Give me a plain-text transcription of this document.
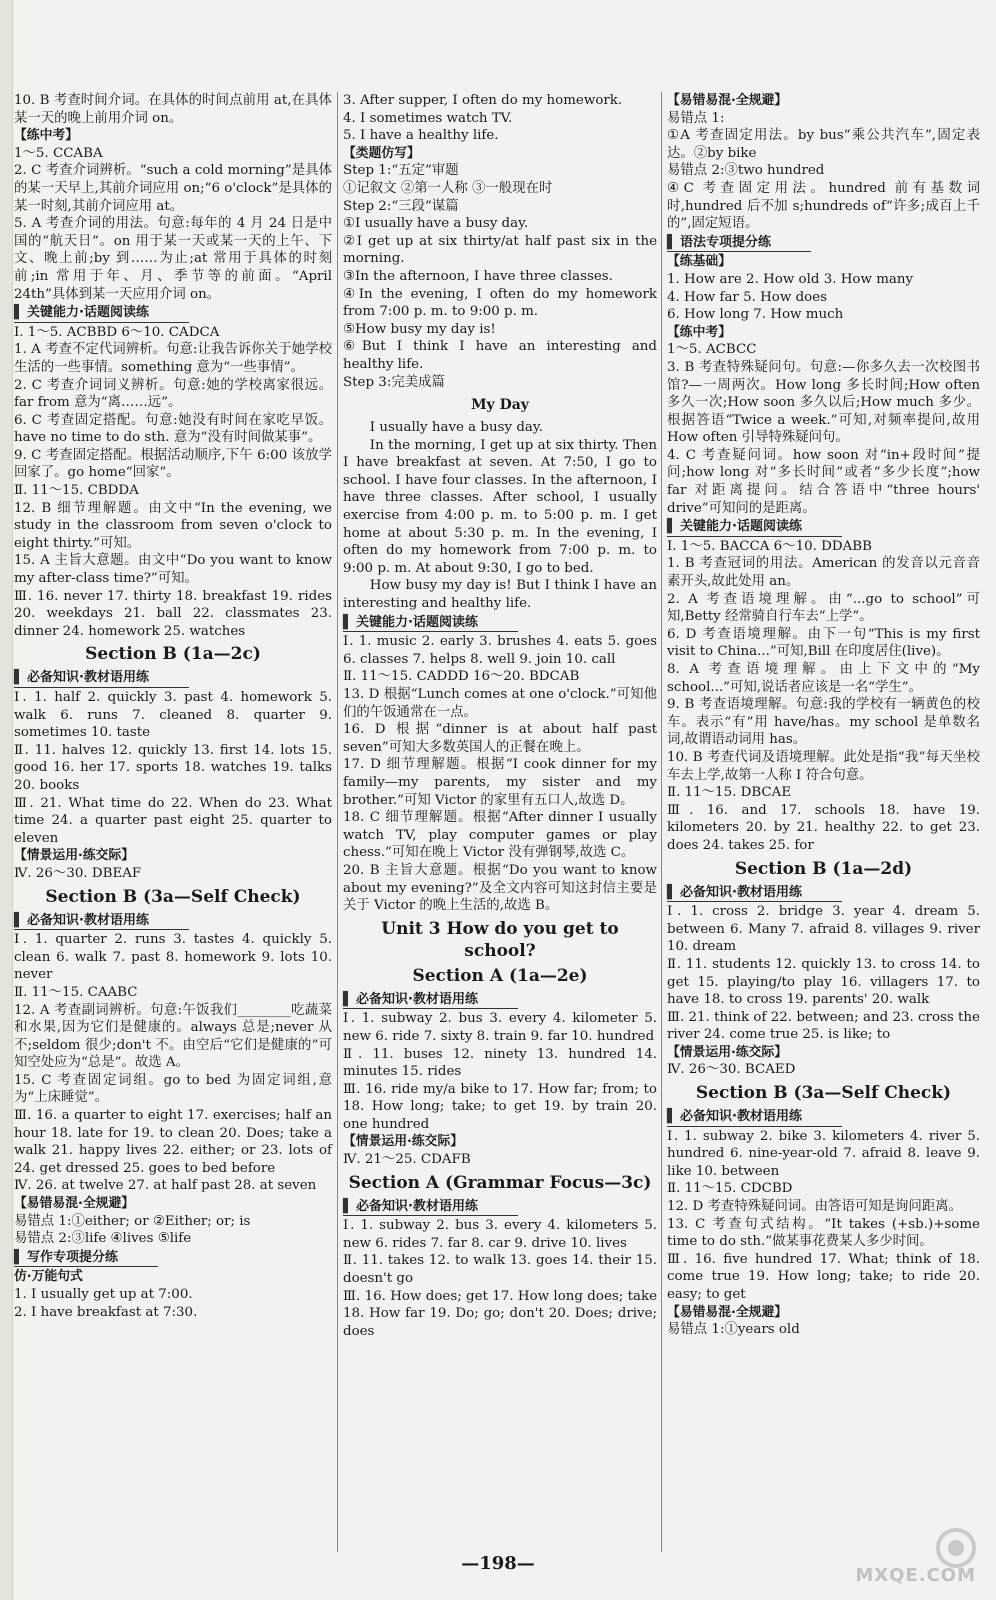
10. B 考查时间介词。在具体的时间点前用 at,在具体某一天的晚上前用介词 on。

【练中考】

1～5. CCABA

2. C 考查介词辨析。“such a cold morning”是具体的某一天早上,其前介词应用 on;“6 o'clock”是具体的某一时刻,其前介词应用 at。

5. A 考查介词的用法。句意:每年的 4 月 24 日是中国的“航天日”。on 用于某一天或某一天的上午、下文、晚上前;by 到……为止;at 常用于具体的时刻前;in 常用于年、月、季节等的前面。“April 24th”具体到某一天应用介词 on。

▌ 关键能力·话题阅读练

Ⅰ. 1～5. ACBBD 6～10. CADCA

1. A 考查不定代词辨析。句意:让我告诉你关于她学校生活的一些事情。something 意为“一些事情”。

2. C 考查介词词义辨析。句意:她的学校离家很远。far from 意为“离……远”。

6. C 考查固定搭配。句意:她没有时间在家吃早饭。have no time to do sth. 意为“没有时间做某事”。

9. C 考查固定搭配。根据活动顺序,下午 6:00 该放学回家了。go home“回家”。

Ⅱ. 11～15. CBDDA

12. B 细节理解题。由文中“In the evening, we study in the classroom from seven o'clock to eight thirty.”可知。

15. A 主旨大意题。由文中“Do you want to know my after-class time?”可知。

Ⅲ. 16. never 17. thirty 18. breakfast 19. rides 20. weekdays 21. ball 22. classmates 23. dinner 24. homework 25. watches

Section B (1a—2c)
▌ 必备知识·教材语用练

Ⅰ. 1. half 2. quickly 3. past 4. homework 5. walk 6. runs 7. cleaned 8. quarter 9. sometimes 10. taste

Ⅱ. 11. halves 12. quickly 13. first 14. lots 15. good 16. her 17. sports 18. watches 19. talks 20. books

Ⅲ. 21. What time do 22. When do 23. What time 24. a quarter past eight 25. quarter to eleven

【情景运用·练交际】

Ⅳ. 26～30. DBEAF

Section B (3a—Self Check)
▌ 必备知识·教材语用练

Ⅰ. 1. quarter 2. runs 3. tastes 4. quickly 5. clean 6. walk 7. past 8. homework 9. lots 10. never

Ⅱ. 11～15. CAABC

12. A 考查副词辨析。句意:午饭我们________吃蔬菜和水果,因为它们是健康的。always 总是;never 从不;seldom 很少;don't 不。由空后“它们是健康的”可知空处应为“总是”。故选 A。

15. C 考查固定词组。go to bed 为固定词组,意为“上床睡觉”。

Ⅲ. 16. a quarter to eight 17. exercises; half an hour 18. late for 19. to clean 20. Does; take a walk 21. happy lives 22. either; or 23. lots of 24. get dressed 25. goes to bed before

Ⅳ. 26. at twelve 27. at half past 28. at seven

【易错易混·全规避】

易错点 1:①either; or ②Either; or; is

易错点 2:③life ④lives ⑤life

▌ 写作专项提分练
仿·万能句式

1. I usually get up at 7:00.

2. I have breakfast at 7:30.

3. After supper, I often do my homework.

4. I sometimes watch TV.

5. I have a healthy life.

【类题仿写】

Step 1:“五定”审题

①记叙文 ②第一人称 ③一般现在时

Step 2:“三段”谋篇

①I usually have a busy day.

②I get up at six thirty/at half past six in the morning.

③In the afternoon, I have three classes.

④In the evening, I often do my homework from 7:00 p. m. to 9:00 p. m.

⑤How busy my day is!

⑥But I think I have an interesting and healthy life.

Step 3:完美成篇

My Day

I usually have a busy day.

In the morning, I get up at six thirty. Then I have breakfast at seven. At 7:50, I go to school. I have four classes. In the afternoon, I have three classes. After school, I usually exercise from 4:00 p. m. to 5:00 p. m. I get home at about 5:30 p. m. In the evening, I often do my homework from 7:00 p. m. to 9:00 p. m. At about 9:30, I go to bed.

How busy my day is! But I think I have an interesting and healthy life.

▌ 关键能力·话题阅读练

Ⅰ. 1. music 2. early 3. brushes 4. eats 5. goes 6. classes 7. helps 8. well 9. join 10. call

Ⅱ. 11～15. CADDD 16～20. BDCAB

13. D 根据“Lunch comes at one o'clock.”可知他们的午饭通常在一点。

16. D 根据“dinner is at about half past seven”可知大多数英国人的正餐在晚上。

17. D 细节理解题。根据“I cook dinner for my family—my parents, my sister and my brother.”可知 Victor 的家里有五口人,故选 D。

18. C 细节理解题。根据“After dinner I usually watch TV, play computer games or play chess.”可知在晚上 Victor 没有弹钢琴,故选 C。

20. B 主旨大意题。根据“Do you want to know about my evening?”及全文内容可知这封信主要是关于 Victor 的晚上生活的,故选 B。

Unit 3 How do you get to school?
Section A (1a—2e)
▌ 必备知识·教材语用练

Ⅰ. 1. subway 2. bus 3. every 4. kilometer 5. new 6. ride 7. sixty 8. train 9. far 10. hundred

Ⅱ. 11. buses 12. ninety 13. hundred 14. minutes 15. rides

Ⅲ. 16. ride my/a bike to 17. How far; from; to 18. How long; take; to get 19. by train 20. one hundred

【情景运用·练交际】

Ⅳ. 21～25. CDAFB

Section A (Grammar Focus—3c)
▌ 必备知识·教材语用练

Ⅰ. 1. subway 2. bus 3. every 4. kilometers 5. new 6. rides 7. far 8. car 9. drive 10. lives

Ⅱ. 11. takes 12. to walk 13. goes 14. their 15. doesn't go

Ⅲ. 16. How does; get 17. How long does; take 18. How far 19. Do; go; don't 20. Does; drive; does

【易错易混·全规避】

易错点 1:

①A 考查固定用法。by bus“乘公共汽车”,固定表达。②by bike

易错点 2:③two hundred

④C 考查固定用法。hundred 前有基数词时,hundred 后不加 s;hundreds of“许多;成百上千的”,固定短语。

▌ 语法专项提分练
【练基础】

1. How are 2. How old 3. How many

4. How far 5. How does

6. How long 7. How much

【练中考】

1～5. ACBCC

3. B 考查特殊疑问句。句意:—你多久去一次校图书馆?—一周两次。How long 多长时间;How often 多久一次;How soon 多久以后;How much 多少。根据答语“Twice a week.”可知,对频率提问,故用 How often 引导特殊疑问句。

4. C 考查疑问词。how soon 对“in+段时间”提问;how long 对“多长时间”或者“多少长度”;how far 对距离提问。结合答语中“three hours' drive”可知问的是距离。

▌ 关键能力·话题阅读练

Ⅰ. 1～5. BACCA 6～10. DDABB

1. B 考查冠词的用法。American 的发音以元音音素开头,故此处用 an。

2. A 考查语境理解。由“...go to school”可知,Betty 经常骑自行车去“上学”。

6. D 考查语境理解。由下一句“This is my first visit to China...”可知,Bill 在印度居住(live)。

8. A 考查语境理解。由上下文中的“My school...”可知,说话者应该是一名“学生”。

9. B 考查语境理解。句意:我的学校有一辆黄色的校车。表示“有”用 have/has。my school 是单数名词,故谓语动词用 has。

10. B 考查代词及语境理解。此处是指“我”每天坐校车去上学,故第一人称 I 符合句意。

Ⅱ. 11～15. DBCAE

Ⅲ. 16. and 17. schools 18. have 19. kilometers 20. by 21. healthy 22. to get 23. does 24. takes 25. for

Section B (1a—2d)
▌ 必备知识·教材语用练

Ⅰ. 1. cross 2. bridge 3. year 4. dream 5. between 6. Many 7. afraid 8. villages 9. river 10. dream

Ⅱ. 11. students 12. quickly 13. to cross 14. to get 15. playing/to play 16. villagers 17. to have 18. to cross 19. parents' 20. walk

Ⅲ. 21. think of 22. between; and 23. cross the river 24. come true 25. is like; to

【情景运用·练交际】

Ⅳ. 26～30. BCAED

Section B (3a—Self Check)
▌ 必备知识·教材语用练

Ⅰ. 1. subway 2. bike 3. kilometers 4. river 5. hundred 6. nine-year-old 7. afraid 8. leave 9. like 10. between

Ⅱ. 11～15. CDCBD

12. D 考查特殊疑问词。由答语可知是询问距离。

13. C 考查句式结构。“It takes (+sb.)+some time to do sth.”做某事花费某人多少时间。

Ⅲ. 16. five hundred 17. What; think of 18. come true 19. How long; take; to ride 20. easy; to get

【易错易混·全规避】

易错点 1:①years old

—198—
MXQE.COM
